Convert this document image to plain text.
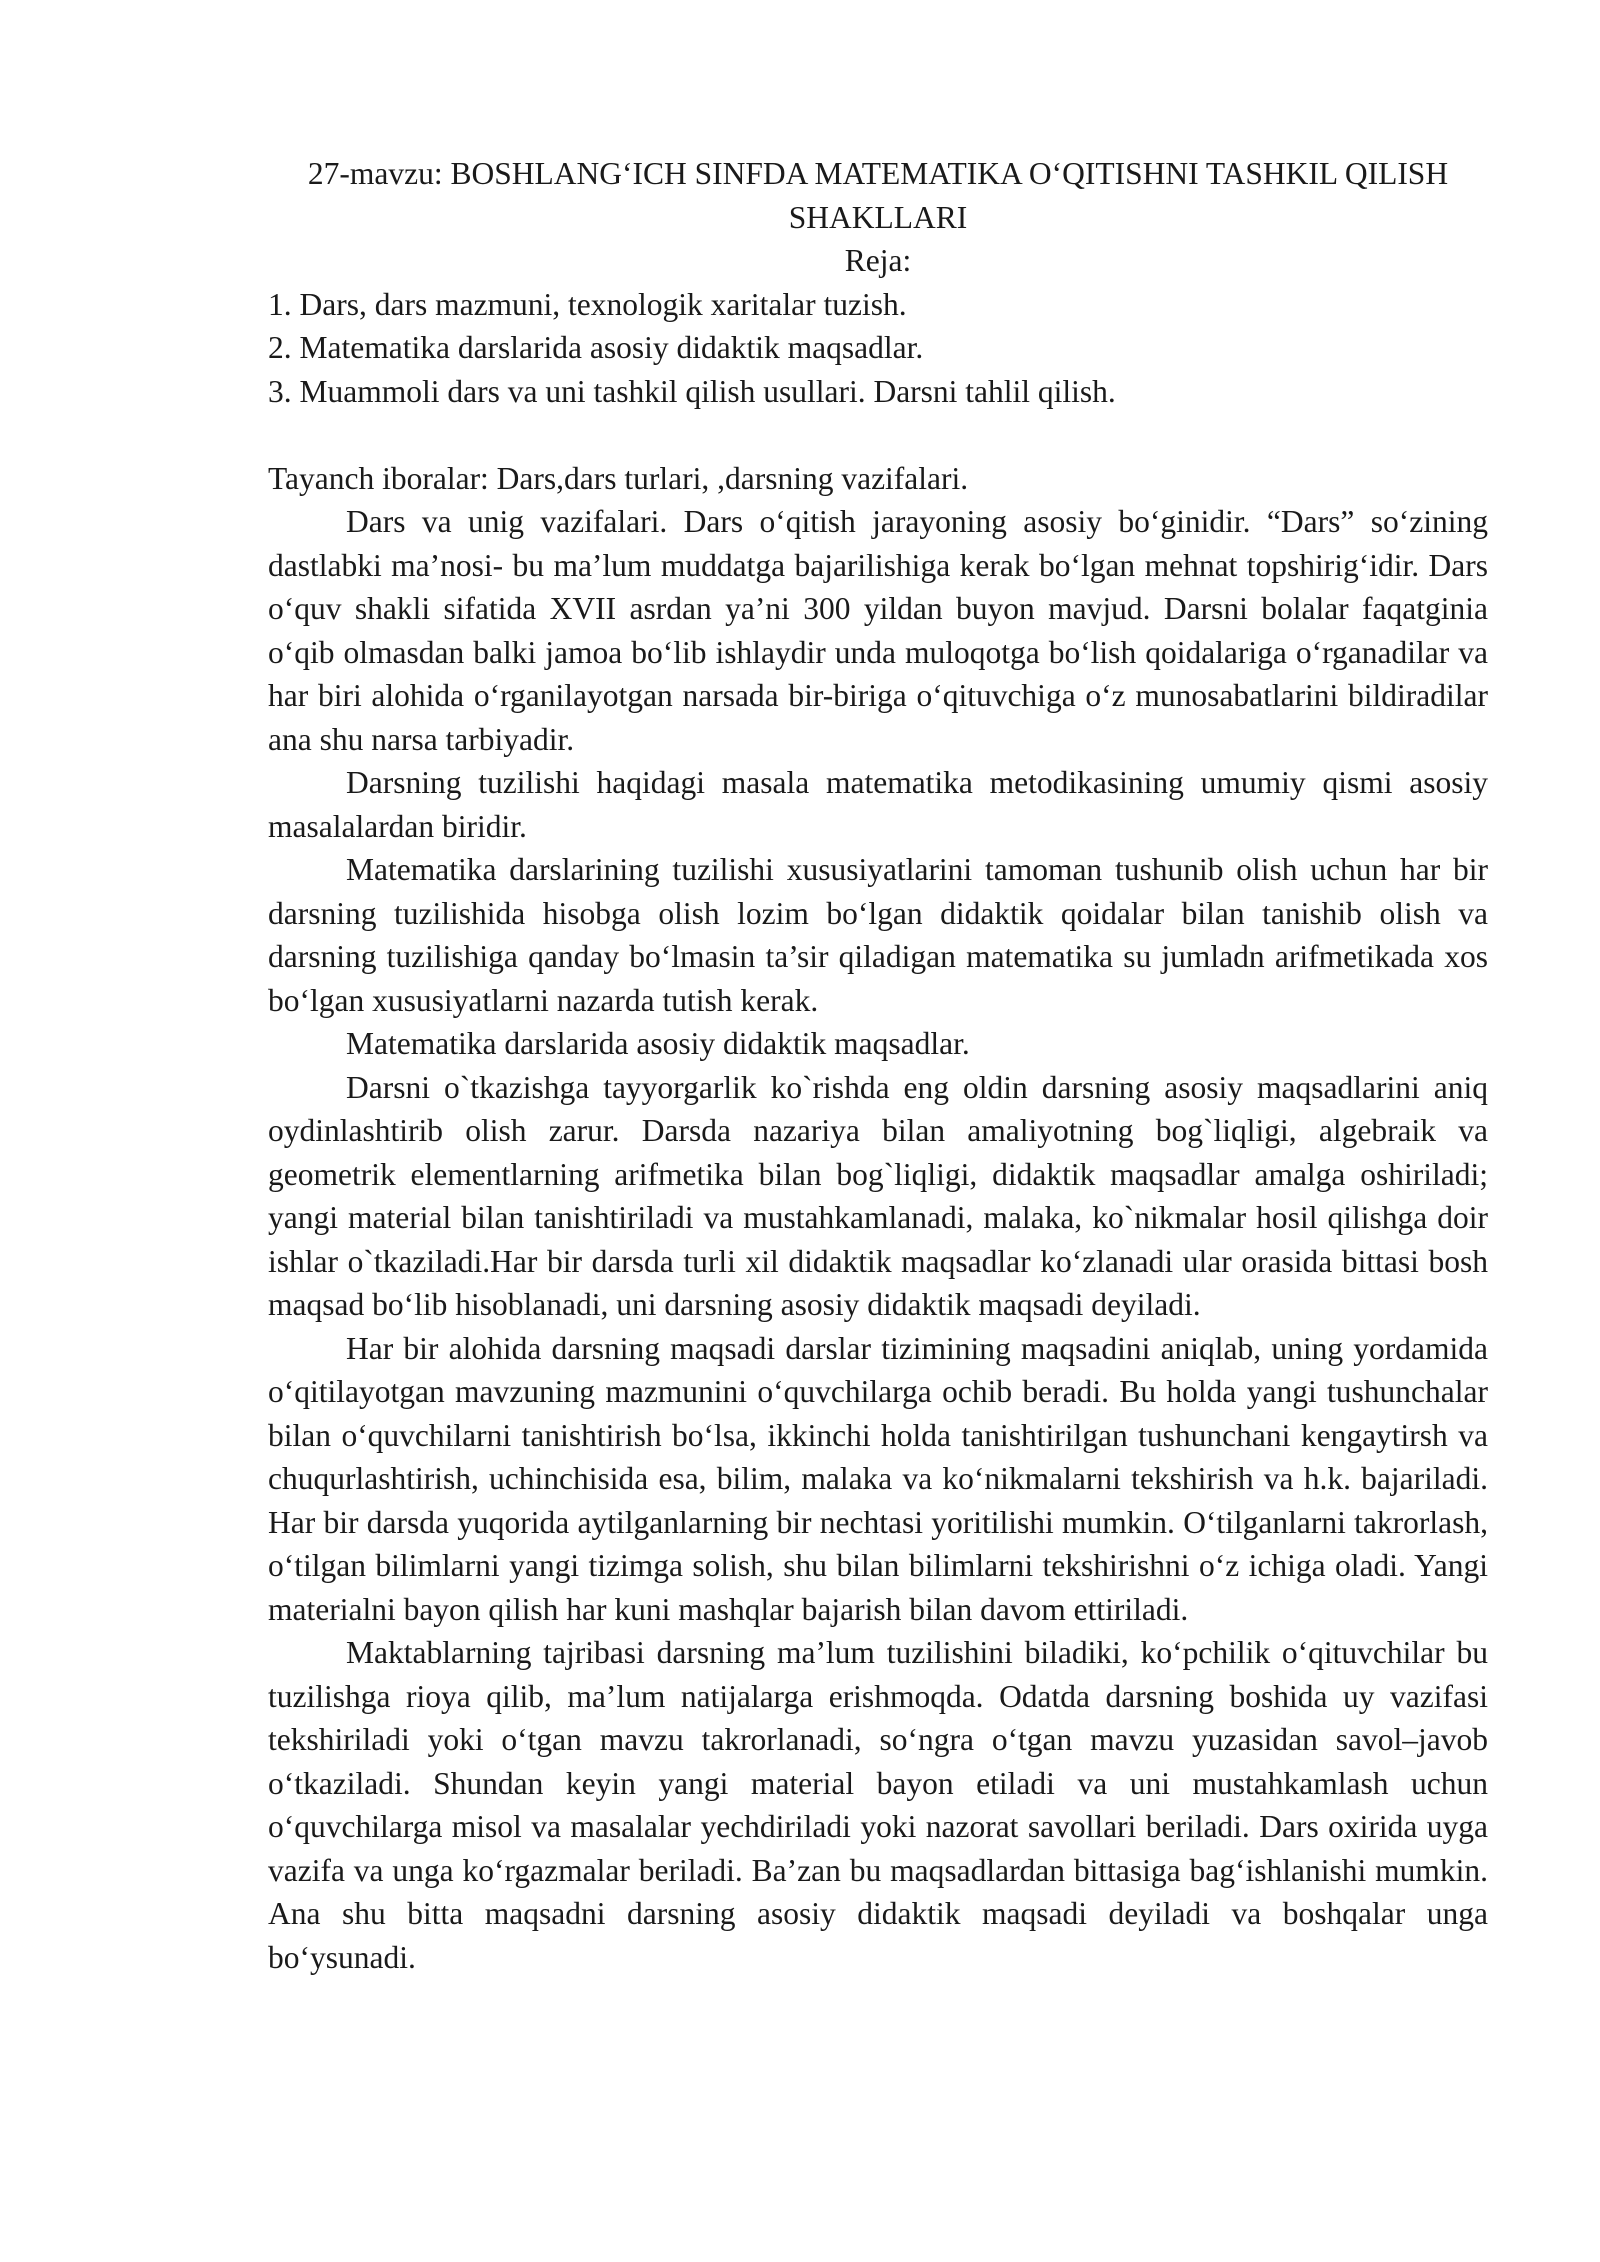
27-mavzu: BOSHLANG‘ICH SINFDA MATEMATIKA O‘QITISHNI TASHKIL QILISH SHAKLLARI

Reja:

1. Dars, dars mazmuni, texnologik xaritalar tuzish.
2. Matematika darslarida asosiy didaktik maqsadlar.
3. Muammoli dars va uni tashkil qilish usullari. Darsni tahlil qilish.

Tayanch iboralar: Dars,dars turlari, ,darsning vazifalari.

Dars va unig vazifalari. Dars o‘qitish jarayoning asosiy bo‘ginidir. “Dars” so‘zining dastlabki ma’nosi- bu ma’lum muddatga bajarilishiga kerak bo‘lgan mehnat topshirig‘idir. Dars o‘quv shakli sifatida XVII asrdan ya’ni 300 yildan buyon mavjud. Darsni bolalar faqatginia o‘qib olmasdan balki jamoa bo‘lib ishlaydir unda muloqotga bo‘lish qoidalariga o‘rganadilar va har biri alohida o‘rganilayotgan narsada bir-biriga o‘qituvchiga o‘z munosabatlarini bildiradilar ana shu narsa tarbiyadir.

Darsning tuzilishi haqidagi masala matematika metodikasining umumiy qismi asosiy masalalardan biridir.

Matematika darslarining tuzilishi xususiyatlarini tamoman tushunib olish uchun har bir darsning tuzilishida hisobga olish lozim bo‘lgan didaktik qoidalar bilan tanishib olish va darsning tuzilishiga qanday bo‘lmasin ta’sir qiladigan matematika su jumladn arifmetikada xos bo‘lgan xususiyatlarni nazarda tutish kerak.

Matematika darslarida asosiy didaktik maqsadlar.

Darsni o`tkazishga tayyorgarlik ko`rishda eng oldin darsning asosiy maqsadlarini aniq oydinlashtirib olish zarur. Darsda nazariya bilan amaliyotning bog`liqligi, algebraik va geometrik elementlarning arifmetika bilan bog`liqligi, didaktik maqsadlar amalga oshiriladi; yangi material bilan tanishtiriladi va mustahkamlanadi, malaka, ko`nikmalar hosil qilishga doir ishlar o`tkaziladi.Har bir darsda turli xil didaktik maqsadlar ko‘zlanadi ular orasida bittasi bosh maqsad bo‘lib hisoblanadi, uni darsning asosiy didaktik maqsadi deyiladi.

Har bir alohida darsning maqsadi darslar tizimining maqsadini aniqlab, uning yordamida o‘qitilayotgan mavzuning mazmunini o‘quvchilarga ochib beradi. Bu holda yangi tushunchalar bilan o‘quvchilarni tanishtirish bo‘lsa, ikkinchi holda tanishtirilgan tushunchani kengaytirsh va chuqurlashtirish, uchinchisida esa, bilim, malaka va ko‘nikmalarni tekshirish va h.k. bajariladi. Har bir darsda yuqorida aytilganlarning bir nechtasi yoritilishi mumkin. O‘tilganlarni takrorlash, o‘tilgan bilimlarni yangi tizimga solish, shu bilan bilimlarni tekshirishni o‘z ichiga oladi. Yangi materialni bayon qilish har kuni mashqlar bajarish bilan davom ettiriladi.

Maktablarning tajribasi darsning ma’lum tuzilishini biladiki, ko‘pchilik o‘qituvchilar bu tuzilishga rioya qilib, ma’lum natijalarga erishmoqda. Odatda darsning boshida uy vazifasi tekshiriladi yoki o‘tgan mavzu takrorlanadi, so‘ngra o‘tgan mavzu yuzasidan savol–javob o‘tkaziladi. Shundan keyin yangi material bayon etiladi va uni mustahkamlash uchun o‘quvchilarga misol va masalalar yechdiriladi yoki nazorat savollari beriladi. Dars oxirida uyga vazifa va unga ko‘rgazmalar beriladi. Ba’zan bu maqsadlardan bittasiga bag‘ishlanishi mumkin. Ana shu bitta maqsadni darsning asosiy didaktik maqsadi deyiladi va boshqalar unga bo‘ysunadi.
